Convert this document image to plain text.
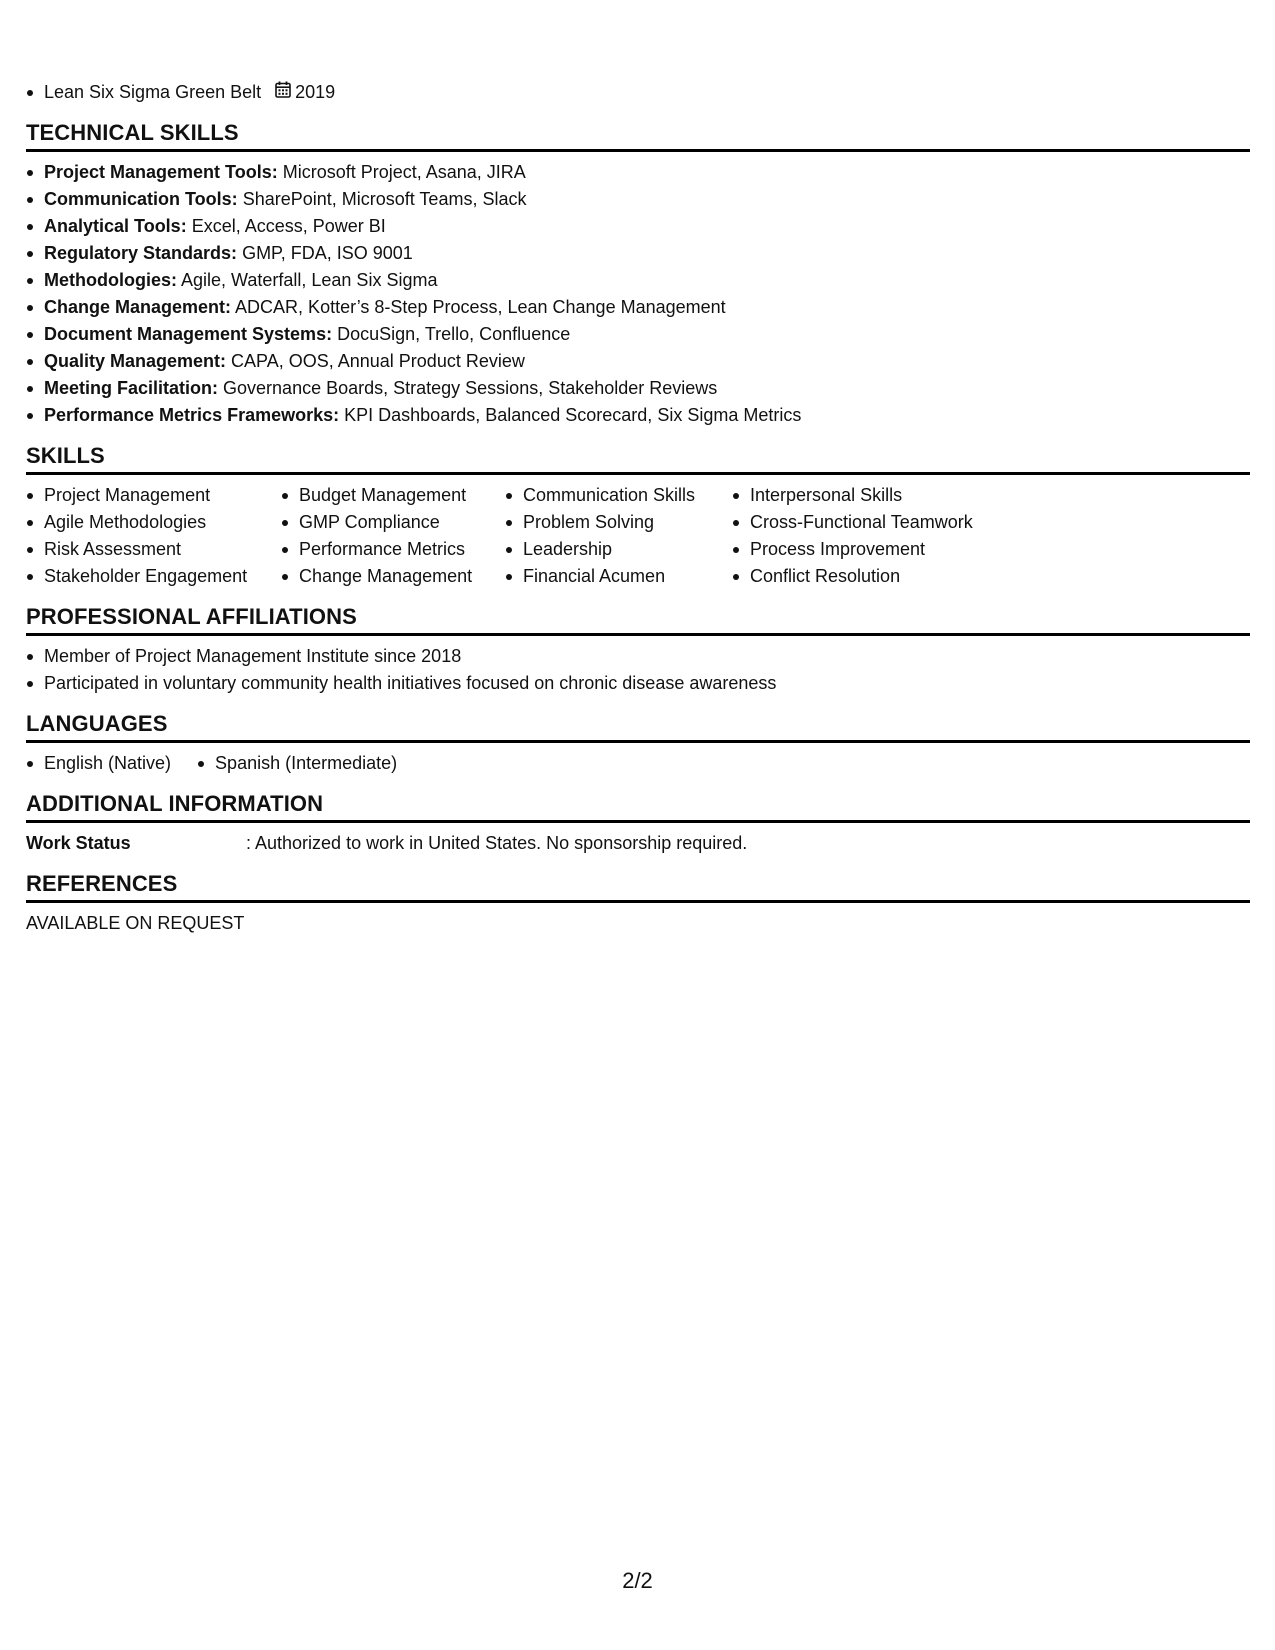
Lean Six Sigma Green Belt 2019
TECHNICAL SKILLS
Project Management Tools: Microsoft Project, Asana, JIRA
Communication Tools: SharePoint, Microsoft Teams, Slack
Analytical Tools: Excel, Access, Power BI
Regulatory Standards: GMP, FDA, ISO 9001
Methodologies: Agile, Waterfall, Lean Six Sigma
Change Management: ADCAR, Kotter’s 8-Step Process, Lean Change Management
Document Management Systems: DocuSign, Trello, Confluence
Quality Management: CAPA, OOS, Annual Product Review
Meeting Facilitation: Governance Boards, Strategy Sessions, Stakeholder Reviews
Performance Metrics Frameworks: KPI Dashboards, Balanced Scorecard, Six Sigma Metrics
SKILLS
Project Management
Agile Methodologies
Risk Assessment
Stakeholder Engagement
Budget Management
GMP Compliance
Performance Metrics
Change Management
Communication Skills
Problem Solving
Leadership
Financial Acumen
Interpersonal Skills
Cross-Functional Teamwork
Process Improvement
Conflict Resolution
PROFESSIONAL AFFILIATIONS
Member of Project Management Institute since 2018
Participated in voluntary community health initiatives focused on chronic disease awareness
LANGUAGES
English (Native)	Spanish (Intermediate)
ADDITIONAL INFORMATION
Work Status	: Authorized to work in United States. No sponsorship required.
REFERENCES
AVAILABLE ON REQUEST
2/2
